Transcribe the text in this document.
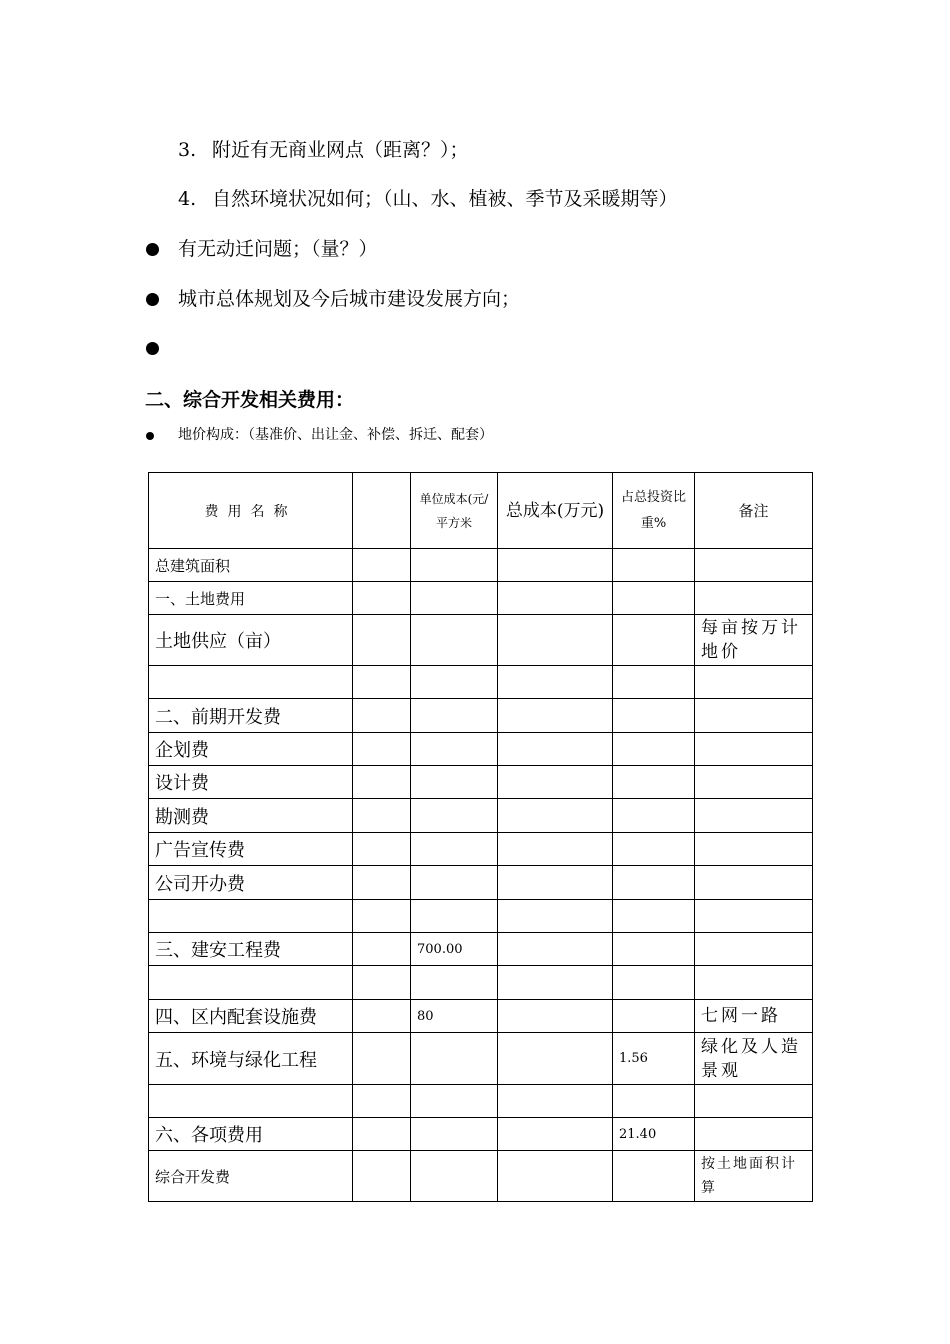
3. 附近有无商业网点（距离？）；
4. 自然环境状况如何；（山、水、植被、季节及采暖期等）
有无动迁问题；（量？）
城市总体规划及今后城市建设发展方向；
二、综合开发相关费用：
地价构成：（基准价、出让金、补偿、拆迁、配套）
费用名称		单位成本(元/平方米	总成本(万元)	占总投资比重%	备注
总建筑面积					
一、土地费用					
土地供应（亩）					每亩按万计地价

二、前期开发费					
企划费					
设计费					
勘测费					
广告宣传费					
公司开办费					

三、建安工程费		700.00			

四、区内配套设施费		80			七网一路
五、环境与绿化工程				1.56	绿化及人造景观

六、各项费用				21.40	
综合开发费					按土地面积计算
